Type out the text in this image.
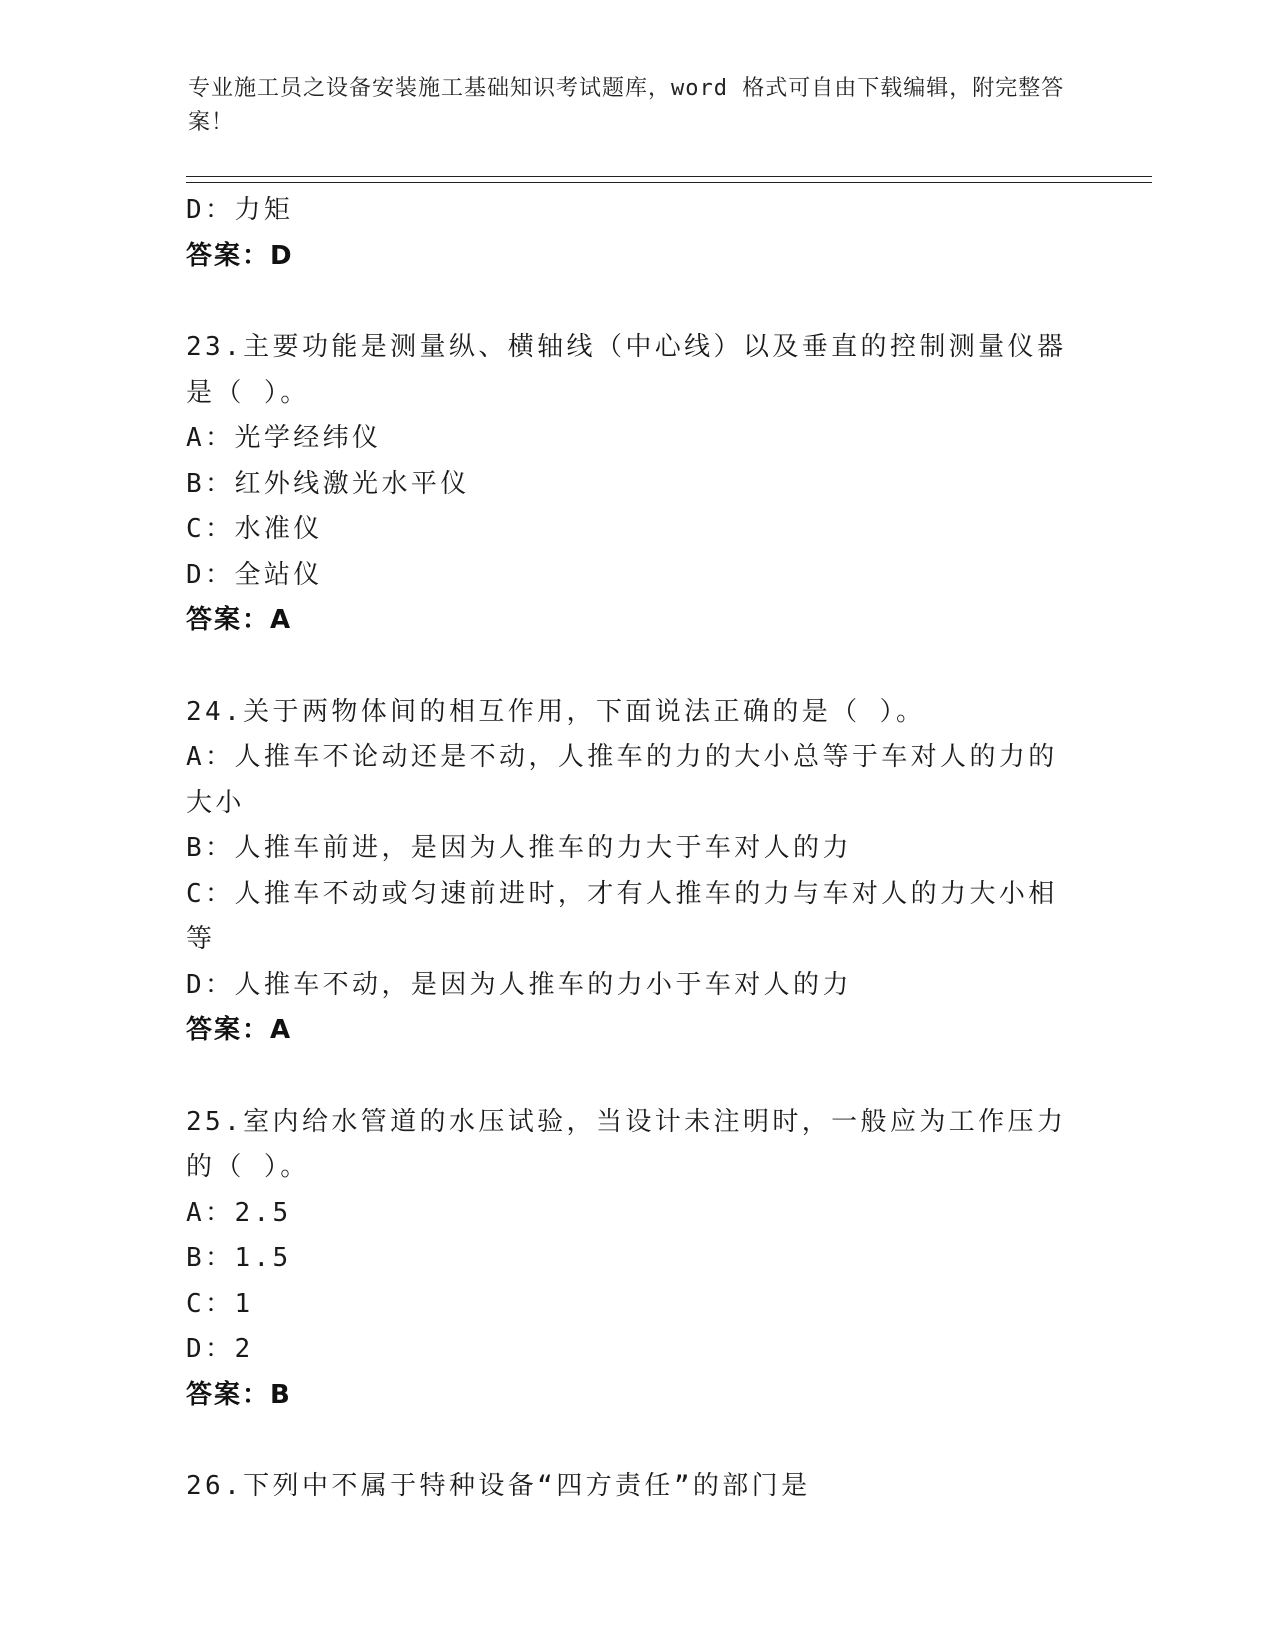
专业施工员之设备安装施工基础知识考试题库，word 格式可自由下载编辑，附完整答案！
D：力矩
答案：D
23.主要功能是测量纵、横轴线（中心线）以及垂直的控制测量仪器是（ ）。
A：光学经纬仪
B：红外线激光水平仪
C：水准仪
D：全站仪
答案：A
24.关于两物体间的相互作用，下面说法正确的是（ ）。
A：人推车不论动还是不动，人推车的力的大小总等于车对人的力的大小
B：人推车前进，是因为人推车的力大于车对人的力
C：人推车不动或匀速前进时，才有人推车的力与车对人的力大小相等
D：人推车不动，是因为人推车的力小于车对人的力
答案：A
25.室内给水管道的水压试验，当设计未注明时，一般应为工作压力的（ ）。
A：2.5
B：1.5
C：1
D：2
答案：B
26.下列中不属于特种设备“四方责任”的部门是
